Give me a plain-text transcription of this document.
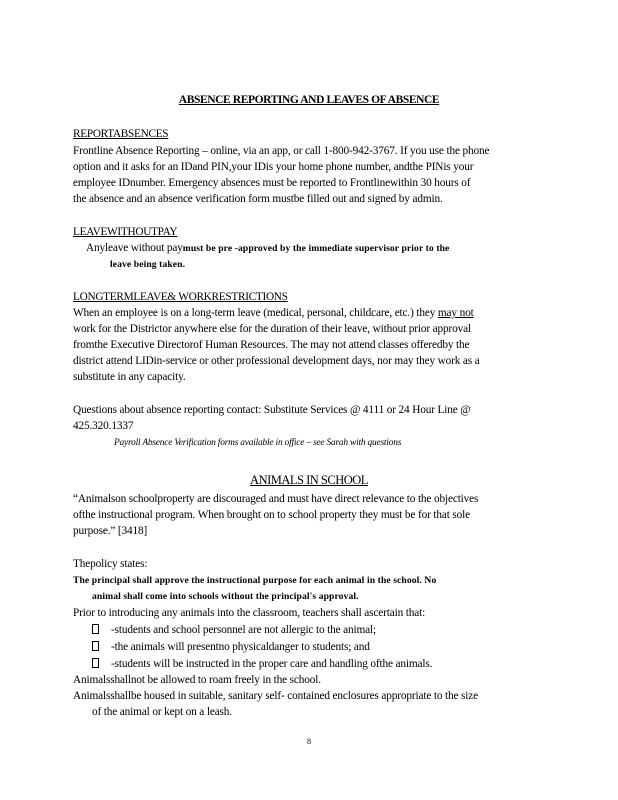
ABSENCE REPORTING AND LEAVES OF ABSENCE
REPORTABSENCES
Frontline Absence Reporting – online, via an app, or call 1-800-942-3767. If you use the phone
option and it asks for an IDand PIN,your IDis your home phone number, andthe PINis your
employee IDnumber. Emergency absences must be reported to Frontlinewithin 30 hours of
the absence and an absence verification form mustbe filled out and signed by admin.
LEAVEWITHOUTPAY
Anyleave without paymust be pre -approved by the immediate supervisor prior to the
leave being taken.
LONGTERMLEAVE& WORKRESTRICTIONS
When an employee is on a long-term leave (medical, personal, childcare, etc.) they may not
work for the Districtor anywhere else for the duration of their leave, without prior approval
fromthe Executive Directorof Human Resources. The may not attend classes offeredby the
district attend LIDin-service or other professional development days, nor may they work as a
substitute in any capacity.
Questions about absence reporting contact: Substitute Services @ 4111 or 24 Hour Line @
425.320.1337
Payroll Absence Verification forms available in office – see Sarah with questions
ANIMALS IN SCHOOL
“Animalson schoolproperty are discouraged and must have direct relevance to the objectives
ofthe instructional program. When brought on to school property they must be for that sole
purpose.” [3418]
Thepolicy states:
The principal shall approve the instructional purpose for each animal in the school. No
animal shall come into schools without the principal's approval.
Prior to introducing any animals into the classroom, teachers shall ascertain that:
-students and school personnel are not allergic to the animal;
-the animals will presentno physicaldanger to students; and
-students will be instructed in the proper care and handling ofthe animals.
Animalsshallnot be allowed to roam freely in the school.
Animalsshallbe housed in suitable, sanitary self- contained enclosures appropriate to the size
of the animal or kept on a leash.
8
